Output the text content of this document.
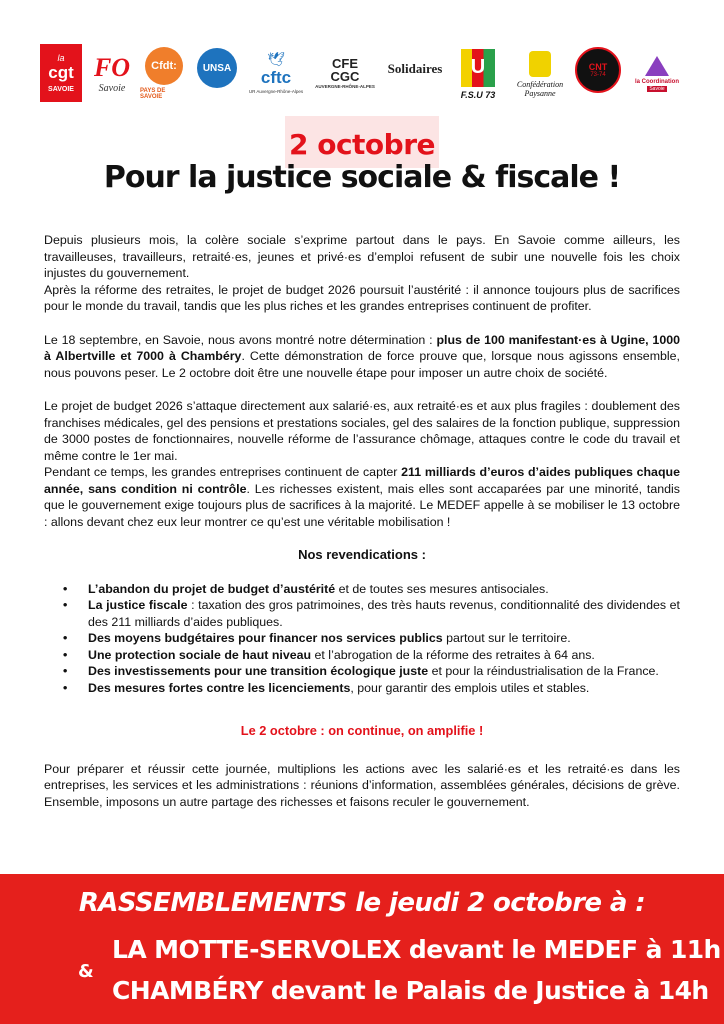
la
cgt
SAVOIE
FO
Savoie
Cfdt:
PAYS DE SAVOIE
UNSA
🕊
cftc
UR Auvergne-Rhône-Alpes
CFE CGC
AUVERGNE-RHÔNE-ALPES
Solidaires U
F.S.U 73
Confédération Paysanne
CNT
73-74
la Coordination
Savoie
2 octobre
Pour la justice sociale & fiscale !

Depuis plusieurs mois, la colère sociale s’exprime partout dans le pays. En Savoie comme ailleurs, les travailleuses, travailleurs, retraité·es, jeunes et privé·es d’emploi refusent de subir une nouvelle fois les choix injustes du gouvernement.

Après la réforme des retraites, le projet de budget 2026 poursuit l’austérité : il annonce toujours plus de sacrifices pour le monde du travail, tandis que les plus riches et les grandes entreprises continuent de profiter.

Le 18 septembre, en Savoie, nous avons montré notre détermination : plus de 100 manifestant·es à Ugine, 1000 à Albertville et 7000 à Chambéry. Cette démonstration de force prouve que, lorsque nous agissons ensemble, nous pouvons peser. Le 2 octobre doit être une nouvelle étape pour imposer un autre choix de société.

Le projet de budget 2026 s’attaque directement aux salarié·es, aux retraité·es et aux plus fragiles : doublement des franchises médicales, gel des pensions et prestations sociales, gel des salaires de la fonction publique, suppression de 3000 postes de fonctionnaires, nouvelle réforme de l’assurance chômage, attaques contre le code du travail et même contre le 1er mai.

Pendant ce temps, les grandes entreprises continuent de capter 211 milliards d’euros d’aides publiques chaque année, sans condition ni contrôle. Les richesses existent, mais elles sont accaparées par une minorité, tandis que le gouvernement exige toujours plus de sacrifices à la majorité. Le MEDEF appelle à se mobiliser le 13 octobre : allons devant chez eux leur montrer ce qu’est une véritable mobilisation !

Nos revendications :

• L’abandon du projet de budget d’austérité et de toutes ses mesures antisociales.
• La justice fiscale : taxation des gros patrimoines, des très hauts revenus, conditionnalité des dividendes et des 211 milliards d’aides publiques.
• Des moyens budgétaires pour financer nos services publics partout sur le territoire.
• Une protection sociale de haut niveau et l’abrogation de la réforme des retraites à 64 ans.
• Des investissements pour une transition écologique juste et pour la réindustrialisation de la France.
• Des mesures fortes contre les licenciements, pour garantir des emplois utiles et stables.

Le 2 octobre : on continue, on amplifie !

Pour préparer et réussir cette journée, multiplions les actions avec les salarié·es et les retraité·es dans les entreprises, les services et les administrations : réunions d’information, assemblées générales, décisions de grève. Ensemble, imposons un autre partage des richesses et faisons reculer le gouvernement.

RASSEMBLEMENTS le jeudi 2 octobre à :
LA MOTTE-SERVOLEX devant le MEDEF à 11h
&
CHAMBÉRY devant le Palais de Justice à 14h
